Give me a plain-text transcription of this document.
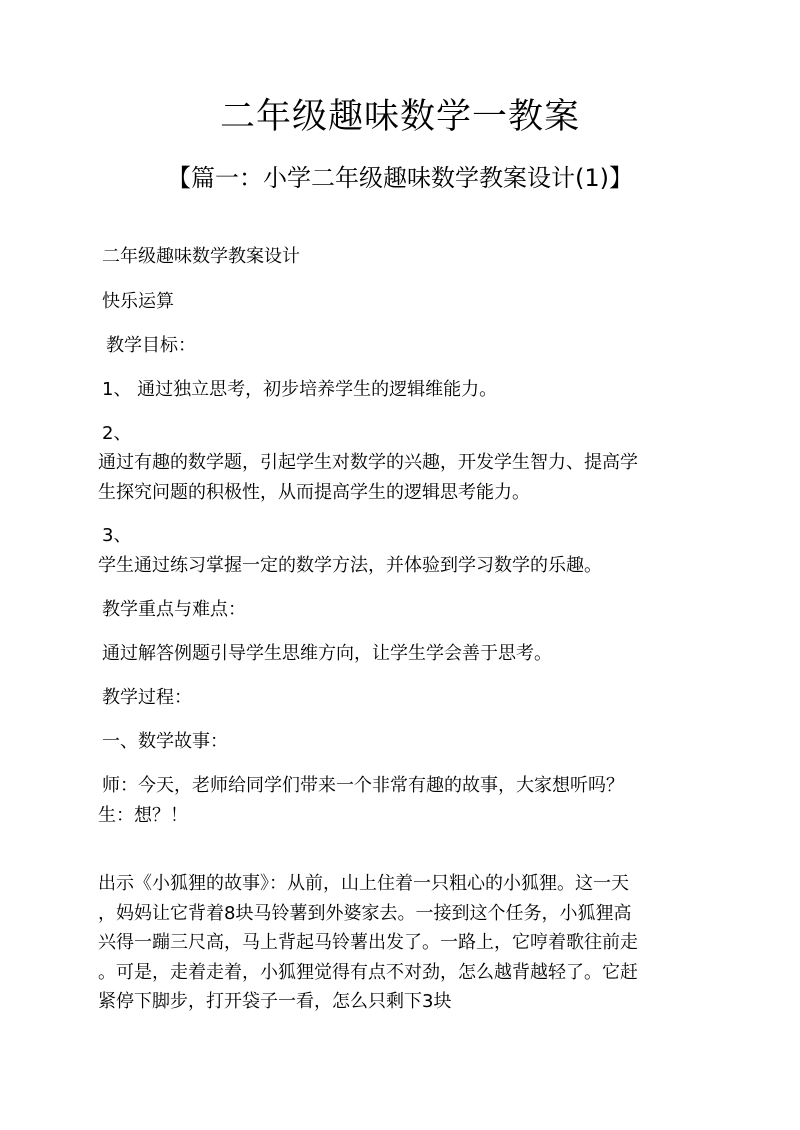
二年级趣味数学一教案
【篇一：小学二年级趣味数学教案设计(1)】
二年级趣味数学教案设计
快乐运算
教学目标：
1、 通过独立思考，初步培养学生的逻辑维能力。
2、
通过有趣的数学题，引起学生对数学的兴趣，开发学生智力、提高学
生探究问题的积极性，从而提高学生的逻辑思考能力。
3、
学生通过练习掌握一定的数学方法，并体验到学习数学的乐趣。
教学重点与难点：
通过解答例题引导学生思维方向，让学生学会善于思考。
教学过程：
一、数学故事：
师：今天，老师给同学们带来一个非常有趣的故事，大家想听吗？
生：想？！
出示《小狐狸的故事》：从前，山上住着一只粗心的小狐狸。这一天
，妈妈让它背着8块马铃薯到外婆家去。一接到这个任务，小狐狸高
兴得一蹦三尺高，马上背起马铃薯出发了。一路上，它哼着歌往前走
。可是，走着走着，小狐狸觉得有点不对劲，怎么越背越轻了。它赶
紧停下脚步，打开袋子一看，怎么只剩下3块
